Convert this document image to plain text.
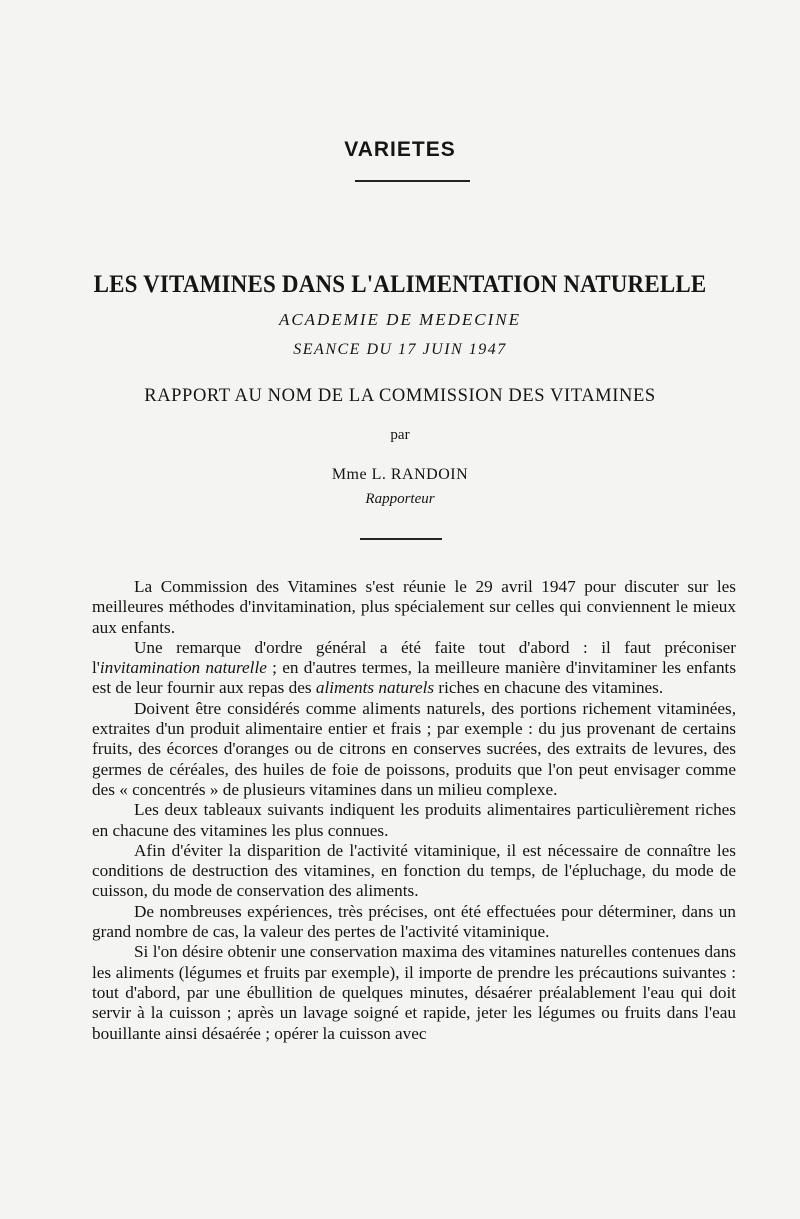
VARIETES
LES VITAMINES DANS L'ALIMENTATION NATURELLE

ACADEMIE DE MEDECINE

SEANCE DU 17 JUIN 1947

RAPPORT AU NOM DE LA COMMISSION DES VITAMINES

par

Mme L. RANDOIN

Rapporteur

La Commission des Vitamines s'est réunie le 29 avril 1947 pour discuter sur les meilleures méthodes d'invitamination, plus spécialement sur celles qui conviennent le mieux aux enfants.

Une remarque d'ordre général a été faite tout d'abord : il faut préconiser l'invitamination naturelle ; en d'autres termes, la meilleure manière d'invitaminer les enfants est de leur fournir aux repas des aliments naturels riches en chacune des vitamines.

Doivent être considérés comme aliments naturels, des portions richement vitaminées, extraites d'un produit alimentaire entier et frais ; par exemple : du jus provenant de certains fruits, des écorces d'oranges ou de citrons en conserves sucrées, des extraits de levures, des germes de céréales, des huiles de foie de poissons, produits que l'on peut envisager comme des « concentrés » de plusieurs vitamines dans un milieu complexe.

Les deux tableaux suivants indiquent les produits alimentaires particulièrement riches en chacune des vitamines les plus connues.

Afin d'éviter la disparition de l'activité vitaminique, il est nécessaire de connaître les conditions de destruction des vitamines, en fonction du temps, de l'épluchage, du mode de cuisson, du mode de conservation des aliments.

De nombreuses expériences, très précises, ont été effectuées pour déterminer, dans un grand nombre de cas, la valeur des pertes de l'activité vitaminique.

Si l'on désire obtenir une conservation maxima des vitamines naturelles contenues dans les aliments (légumes et fruits par exemple), il importe de prendre les précautions suivantes : tout d'abord, par une ébullition de quelques minutes, désaérer préalablement l'eau qui doit servir à la cuisson ; après un lavage soigné et rapide, jeter les légumes ou fruits dans l'eau bouillante ainsi désaérée ; opérer la cuisson avec
